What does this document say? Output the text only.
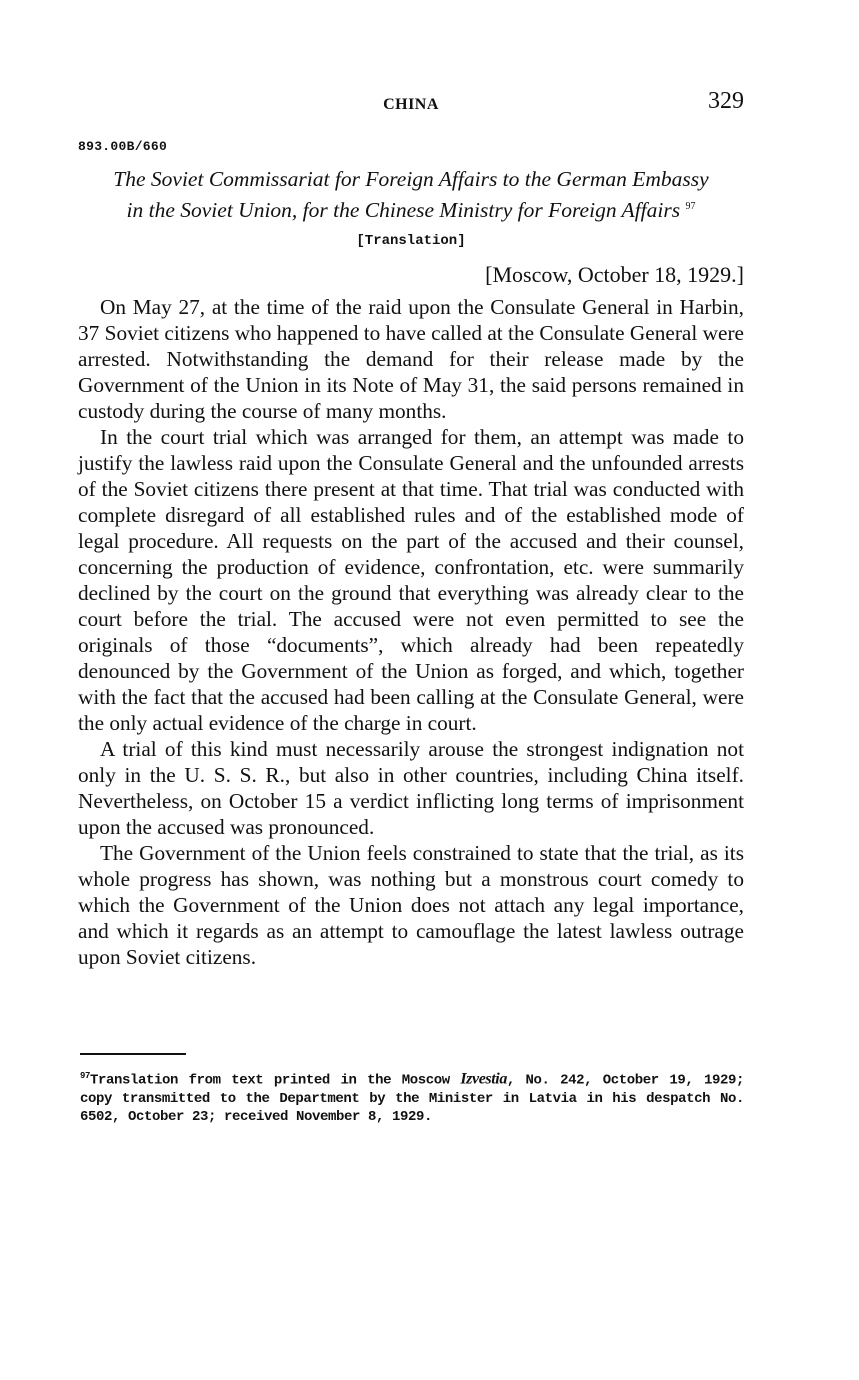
CHINA	329
893.00B/660
The Soviet Commissariat for Foreign Affairs to the German Embassy
in the Soviet Union, for the Chinese Ministry for Foreign Affairs $^{97}$
[Translation]
[Moscow, October 18, 1929.]

On May 27, at the time of the raid upon the Consulate General in Harbin, 37 Soviet citizens who happened to have called at the Consulate General were arrested. Notwithstanding the demand for their release made by the Government of the Union in its Note of May 31, the said persons remained in custody during the course of many months.

In the court trial which was arranged for them, an attempt was made to justify the lawless raid upon the Consulate General and the unfounded arrests of the Soviet citizens there present at that time. That trial was conducted with complete disregard of all established rules and of the established mode of legal procedure. All requests on the part of the accused and their counsel, concerning the production of evidence, confrontation, etc. were summarily declined by the court on the ground that everything was already clear to the court before the trial. The accused were not even permitted to see the originals of those “documents”, which already had been repeatedly denounced by the Government of the Union as forged, and which, together with the fact that the accused had been calling at the Consulate General, were the only actual evidence of the charge in court.

A trial of this kind must necessarily arouse the strongest indignation not only in the U. S. S. R., but also in other countries, including China itself. Nevertheless, on October 15 a verdict inflicting long terms of imprisonment upon the accused was pronounced.

The Government of the Union feels constrained to state that the trial, as its whole progress has shown, was nothing but a monstrous court comedy to which the Government of the Union does not attach any legal importance, and which it regards as an attempt to camouflage the latest lawless outrage upon Soviet citizens.

$^{97}$Translation from text printed in the Moscow Izvestia, No. 242, October 19, 1929; copy transmitted to the Department by the Minister in Latvia in his despatch No. 6502, October 23; received November 8, 1929.
